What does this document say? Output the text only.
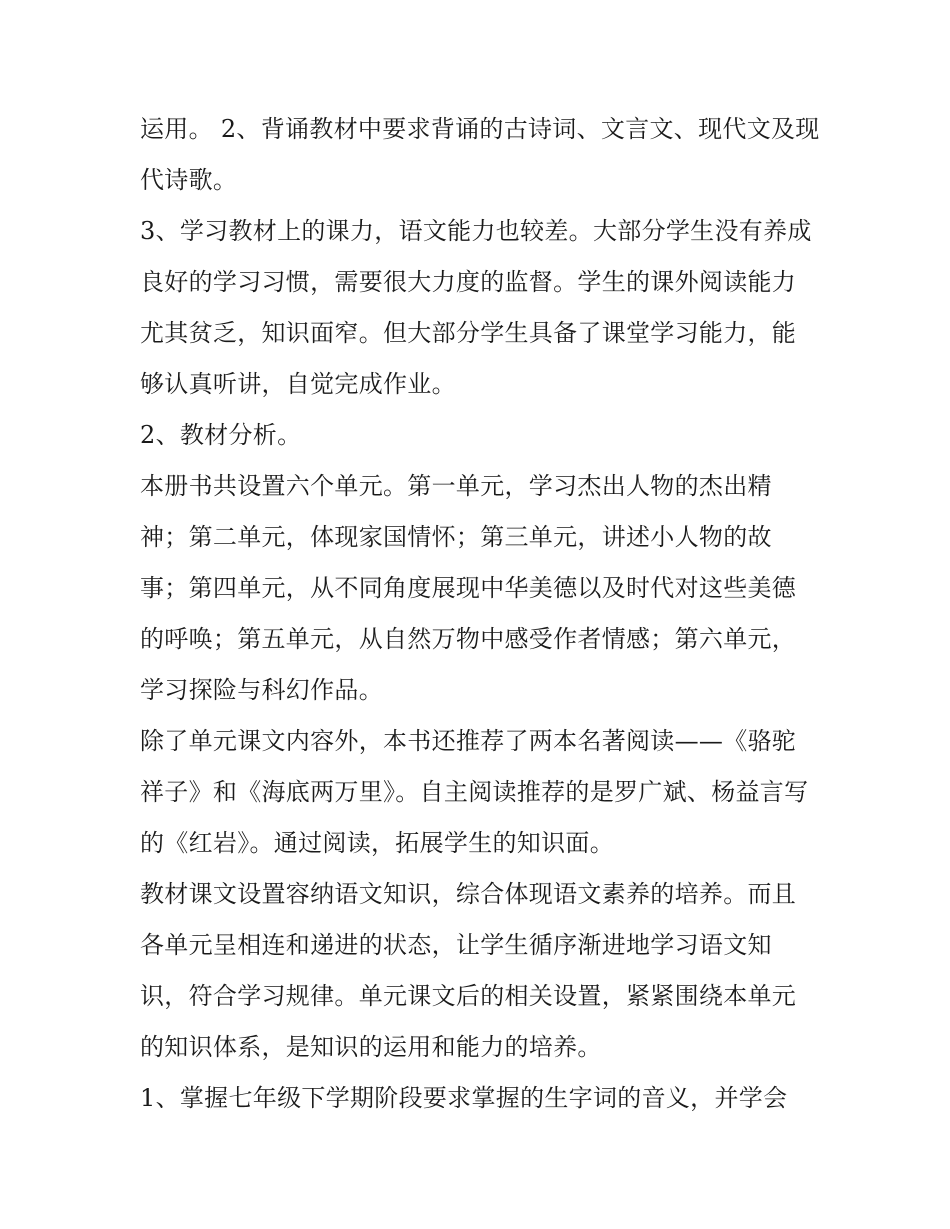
运用。 2、背诵教材中要求背诵的古诗词、文言文、现代文及现代诗歌。

3、学习教材上的课力，语文能力也较差。大部分学生没有养成良好的学习习惯，需要很大力度的监督。学生的课外阅读能力尤其贫乏，知识面窄。但大部分学生具备了课堂学习能力，能够认真听讲，自觉完成作业。

2、教材分析。

本册书共设置六个单元。第一单元，学习杰出人物的杰出精神；第二单元，体现家国情怀；第三单元，讲述小人物的故事；第四单元，从不同角度展现中华美德以及时代对这些美德的呼唤；第五单元，从自然万物中感受作者情感；第六单元，学习探险与科幻作品。

除了单元课文内容外，本书还推荐了两本名著阅读——《骆驼祥子》和《海底两万里》。自主阅读推荐的是罗广斌、杨益言写的《红岩》。通过阅读，拓展学生的知识面。

教材课文设置容纳语文知识，综合体现语文素养的培养。而且各单元呈相连和递进的状态，让学生循序渐进地学习语文知识，符合学习规律。单元课文后的相关设置，紧紧围绕本单元的知识体系，是知识的运用和能力的培养。

1、掌握七年级下学期阶段要求掌握的生字词的音义，并学会
